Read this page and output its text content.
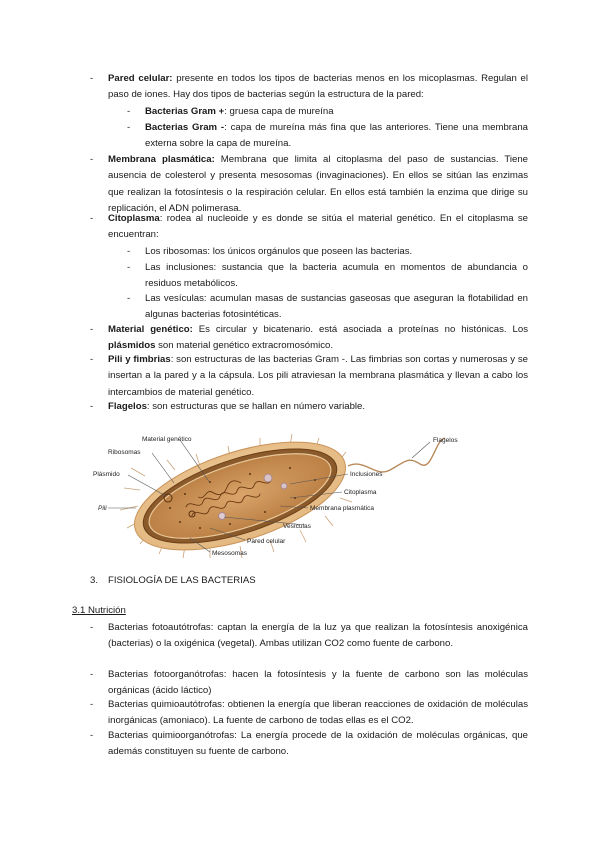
- Pared celular: presente en todos los tipos de bacterias menos en los micoplasmas. Regulan el paso de iones. Hay dos tipos de bacterias según la estructura de la pared:
- Bacterias Gram +: gruesa capa de mureína
- Bacterias Gram -: capa de mureína más fina que las anteriores. Tiene una membrana externa sobre la capa de mureína.
- Membrana plasmática: Membrana que limita al citoplasma del paso de sustancias. Tiene ausencia de colesterol y presenta mesosomas (invaginaciones). En ellos se sitúan las enzimas que realizan la fotosíntesis o la respiración celular. En ellos está también la enzima que dirige su replicación, el ADN polimerasa.
- Citoplasma: rodea al nucleoide y es donde se sitúa el material genético. En el citoplasma se encuentran:
- Los ribosomas: los únicos orgánulos que poseen las bacterias.
- Las inclusiones: sustancia que la bacteria acumula en momentos de abundancia o residuos metabólicos.
- Las vesículas: acumulan masas de sustancias gaseosas que aseguran la flotabilidad en algunas bacterias fotosintéticas.
- Material genético: Es circular y bicatenario. está asociada a proteínas no histónicas. Los plásmidos son material genético extracromosómico.
- Pili y fimbrias: son estructuras de las bacterias Gram -. Las fimbrias son cortas y numerosas y se insertan a la pared y a la cápsula. Los pili atraviesan la membrana plasmática y llevan a cabo los intercambios de material genético.
- Flagelos: son estructuras que se hallan en número variable.
Material genético
Ribosomas
Plásmido
Pili
Flagelos
Inclusiones
Citoplasma
Membrana plasmática
Vesículas
Pared celular
Mesosomas
3. FISIOLOGÍA DE LAS BACTERIAS
3.1 Nutrición
- Bacterias fotoautótrofas: captan la energía de la luz ya que realizan la fotosíntesis anoxigénica (bacterias) o la oxigénica (vegetal). Ambas utilizan CO2 como fuente de carbono.
- Bacterias fotoorganótrofas: hacen la fotosíntesis y la fuente de carbono son las moléculas orgánicas (ácido láctico)
- Bacterias quimioautótrofas: obtienen la energía que liberan reacciones de oxidación de moléculas inorgánicas (amoniaco). La fuente de carbono de todas ellas es el CO2.
- Bacterias quimioorganótrofas: La energía procede de la oxidación de moléculas orgánicas, que además constituyen su fuente de carbono.
